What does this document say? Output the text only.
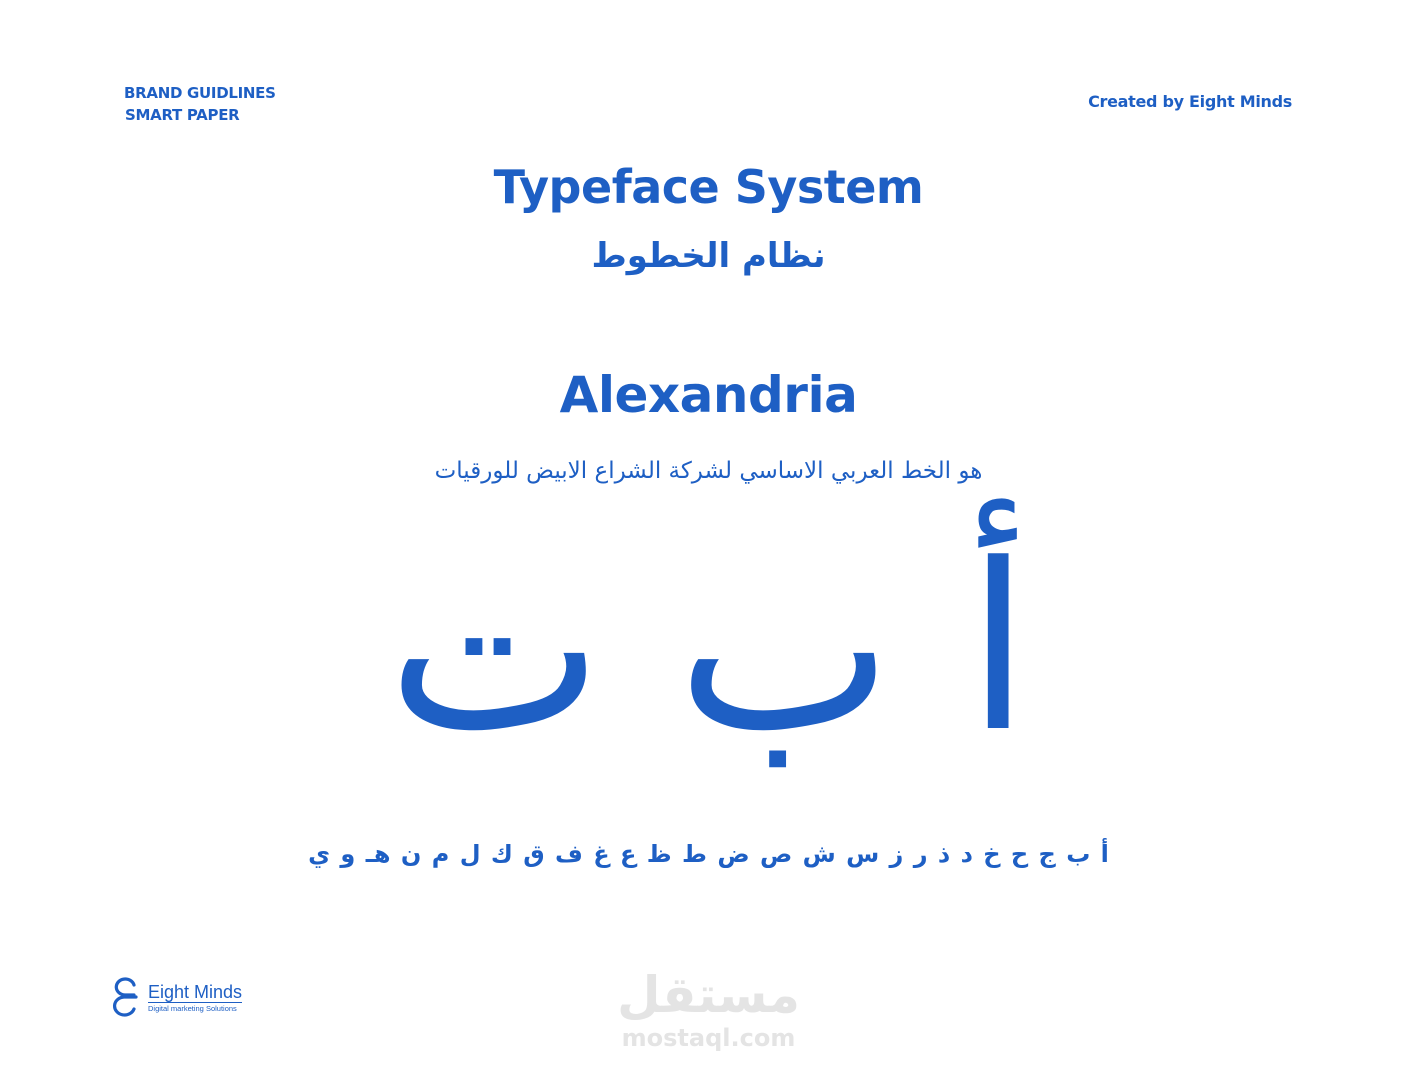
BRAND GUIDLINES
SMART PAPER
Created by Eight Minds
Typeface System
نظام الخطوط
Alexandria
هو الخط العربي الاساسي لشركة الشراع الابيض للورقيات
أ ب ت
أ ب ج ح خ د ذ ر ز س ش ص ض ط ظ ع غ ف ق ك ل م ن هـ و ي
Eight Minds
Digital marketing Solutions	مستقل
mostaql.com
